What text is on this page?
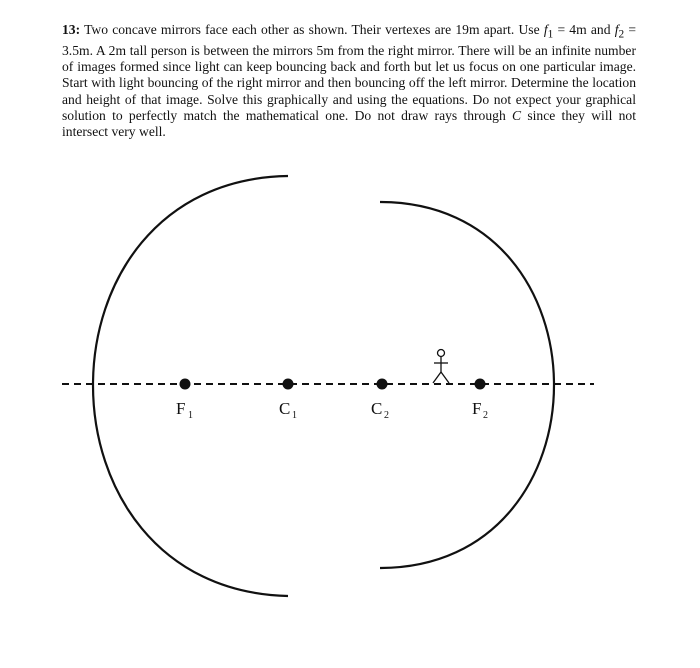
13: Two concave mirrors face each other as shown. Their vertexes are 19m apart. Use $f_1 = 4m$ and $f_2 = 3.5m$. A 2m tall person is between the mirrors 5m from the right mirror. There will be an infinite number of images formed since light can keep bouncing back and forth but let us focus on one particular image. Start with light bouncing of the right mirror and then bouncing off the left mirror. Determine the location and height of that image. Solve this graphically and using the equations. Do not expect your graphical solution to perfectly match the mathematical one. Do not draw rays through C since they will not intersect very well.
F 1	C 1	C 2	F 2
